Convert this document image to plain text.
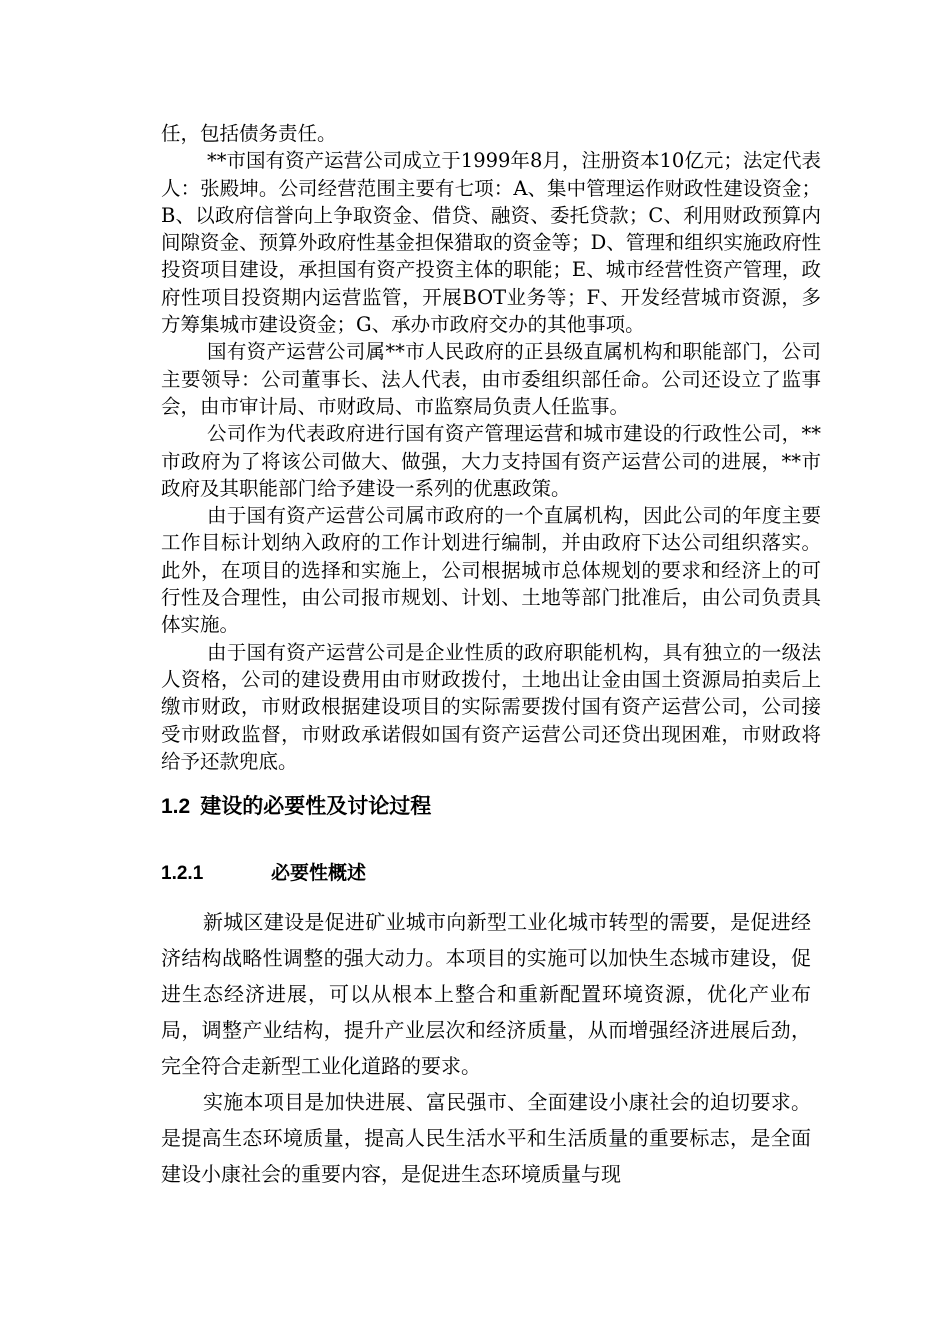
任，包括债务责任。

**市国有资产运营公司成立于1999年8月，注册资本10亿元；法定代表人：张殿坤。公司经营范围主要有七项：A、集中管理运作财政性建设资金；B、以政府信誉向上争取资金、借贷、融资、委托贷款；C、利用财政预算内间隙资金、预算外政府性基金担保猎取的资金等；D、管理和组织实施政府性投资项目建设，承担国有资产投资主体的职能；E、城市经营性资产管理，政府性项目投资期内运营监管，开展BOT业务等；F、开发经营城市资源，多方筹集城市建设资金；G、承办市政府交办的其他事项。

国有资产运营公司属**市人民政府的正县级直属机构和职能部门，公司主要领导：公司董事长、法人代表，由市委组织部任命。公司还设立了监事会，由市审计局、市财政局、市监察局负责人任监事。

公司作为代表政府进行国有资产管理运营和城市建设的行政性公司，**市政府为了将该公司做大、做强，大力支持国有资产运营公司的进展，**市政府及其职能部门给予建设一系列的优惠政策。

由于国有资产运营公司属市政府的一个直属机构，因此公司的年度主要工作目标计划纳入政府的工作计划进行编制，并由政府下达公司组织落实。此外，在项目的选择和实施上，公司根据城市总体规划的要求和经济上的可行性及合理性，由公司报市规划、计划、土地等部门批准后，由公司负责具体实施。

由于国有资产运营公司是企业性质的政府职能机构，具有独立的一级法人资格，公司的建设费用由市财政拨付，土地出让金由国土资源局拍卖后上缴市财政，市财政根据建设项目的实际需要拨付国有资产运营公司，公司接受市财政监督，市财政承诺假如国有资产运营公司还贷出现困难，市财政将给予还款兜底。

1.2 建设的必要性及讨论过程
1.2.1	必要性概述

新城区建设是促进矿业城市向新型工业化城市转型的需要，是促进经济结构战略性调整的强大动力。本项目的实施可以加快生态城市建设，促进生态经济进展，可以从根本上整合和重新配置环境资源，优化产业布局，调整产业结构，提升产业层次和经济质量，从而增强经济进展后劲，完全符合走新型工业化道路的要求。

实施本项目是加快进展、富民强市、全面建设小康社会的迫切要求。是提高生态环境质量，提高人民生活水平和生活质量的重要标志，是全面建设小康社会的重要内容，是促进生态环境质量与现
